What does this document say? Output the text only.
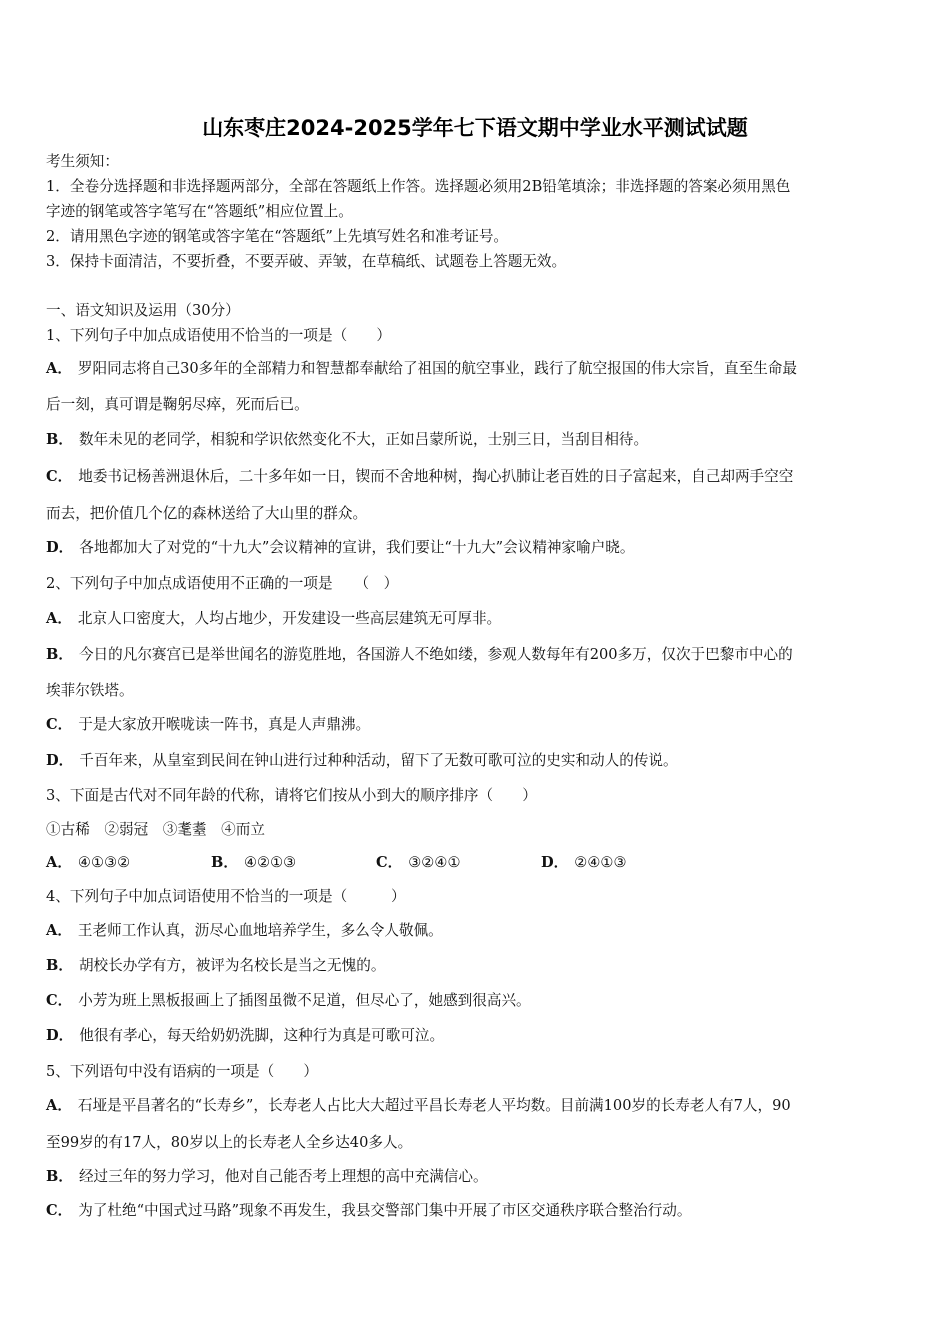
山东枣庄2024-2025学年七下语文期中学业水平测试试题
考生须知：
1．全卷分选择题和非选择题两部分，全部在答题纸上作答。选择题必须用2B铅笔填涂；非选择题的答案必须用黑色
字迹的钢笔或答字笔写在“答题纸”相应位置上。
2．请用黑色字迹的钢笔或答字笔在“答题纸”上先填写姓名和准考证号。
3．保持卡面清洁，不要折叠，不要弄破、弄皱，在草稿纸、试题卷上答题无效。
一、语文知识及运用（30分）
1、下列句子中加点成语使用不恰当的一项是（　　）
A． 罗阳同志将自己30多年的全部精力和智慧都奉献给了祖国的航空事业，践行了航空报国的伟大宗旨，直至生命最
后一刻，真可谓是鞠躬尽瘁，死而后已。
B． 数年未见的老同学，相貌和学识依然变化不大，正如吕蒙所说，士别三日，当刮目相待。
C． 地委书记杨善洲退休后，二十多年如一日，锲而不舍地种树，掏心扒肺让老百姓的日子富起来，自己却两手空空
而去，把价值几个亿的森林送给了大山里的群众。
D． 各地都加大了对党的“十九大”会议精神的宣讲，我们要让“十九大”会议精神家喻户晓。
2、下列句子中加点成语使用不正确的一项是　　（　）
A． 北京人口密度大，人均占地少，开发建设一些高层建筑无可厚非。
B． 今日的凡尔赛宫已是举世闻名的游览胜地，各国游人不绝如缕，参观人数每年有200多万，仅次于巴黎市中心的
埃菲尔铁塔。
C． 于是大家放开喉咙读一阵书，真是人声鼎沸。
D． 千百年来，从皇室到民间在钟山进行过种种活动，留下了无数可歌可泣的史实和动人的传说。
3、下面是古代对不同年龄的代称，请将它们按从小到大的顺序排序（　　）
①古稀　②弱冠　③耄耋　④而立
A． ④①③②	B． ④②①③	C． ③②④①	D． ②④①③
4、下列句子中加点词语使用不恰当的一项是（　　　）
A． 王老师工作认真，沥尽心血地培养学生，多么令人敬佩。
B． 胡校长办学有方，被评为名校长是当之无愧的。
C． 小芳为班上黑板报画上了插图虽微不足道，但尽心了，她感到很高兴。
D． 他很有孝心，每天给奶奶洗脚，这种行为真是可歌可泣。
5、下列语句中没有语病的一项是（　　）
A． 石垭是平昌著名的“长寿乡”，长寿老人占比大大超过平昌长寿老人平均数。目前满100岁的长寿老人有7人，90
至99岁的有17人，80岁以上的长寿老人全乡达40多人。
B． 经过三年的努力学习，他对自己能否考上理想的高中充满信心。
C． 为了杜绝“中国式过马路”现象不再发生，我县交警部门集中开展了市区交通秩序联合整治行动。
